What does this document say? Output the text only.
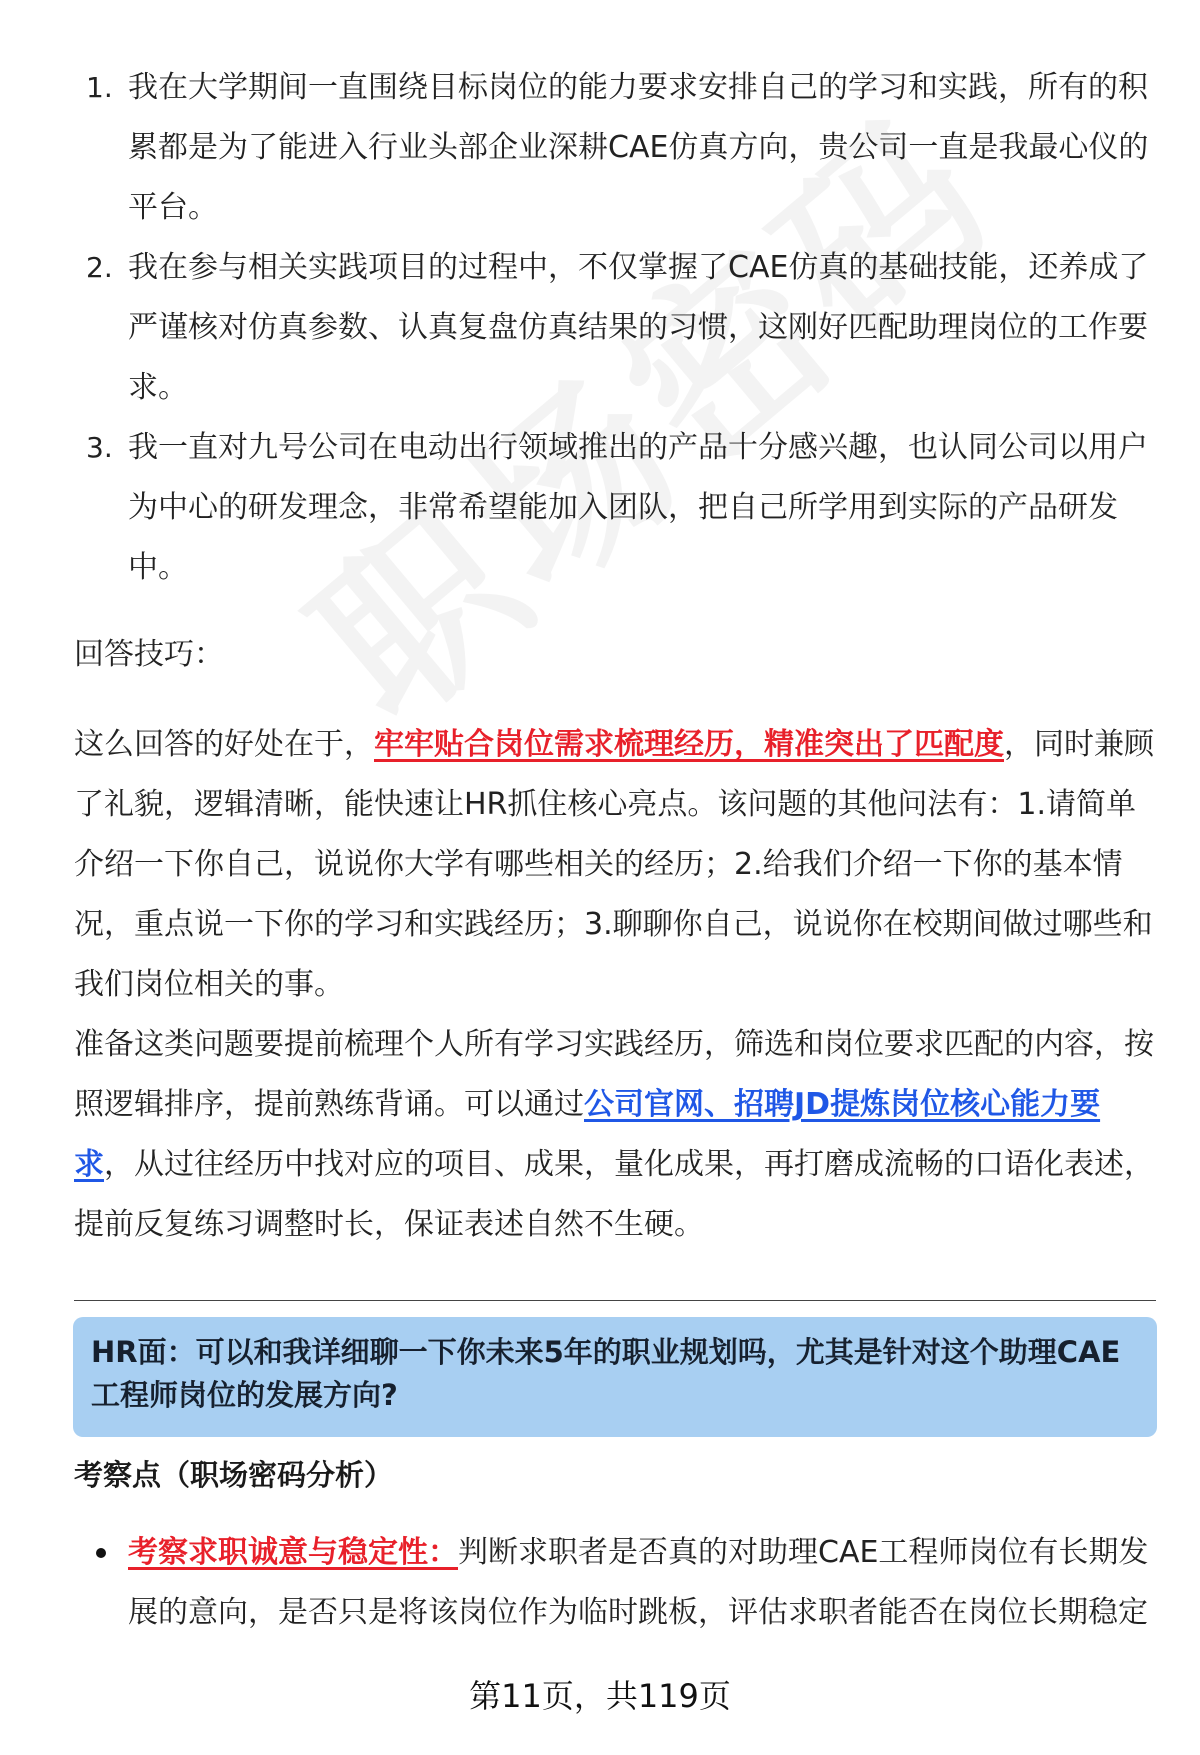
1. 我在大学期间一直围绕目标岗位的能力要求安排自己的学习和实践，所有的积累都是为了能进入行业头部企业深耕CAE仿真方向，贵公司一直是我最心仪的平台。
2. 我在参与相关实践项目的过程中，不仅掌握了CAE仿真的基础技能，还养成了严谨核对仿真参数、认真复盘仿真结果的习惯，这刚好匹配助理岗位的工作要求。
3. 我一直对九号公司在电动出行领域推出的产品十分感兴趣，也认同公司以用户为中心的研发理念，非常希望能加入团队，把自己所学用到实际的产品研发中。
回答技巧：

这么回答的好处在于，牢牢贴合岗位需求梳理经历，精准突出了匹配度，同时兼顾了礼貌，逻辑清晰，能快速让HR抓住核心亮点。该问题的其他问法有：1.请简单介绍一下你自己，说说你大学有哪些相关的经历；2.给我们介绍一下你的基本情况，重点说一下你的学习和实践经历；3.聊聊你自己，说说你在校期间做过哪些和我们岗位相关的事。

准备这类问题要提前梳理个人所有学习实践经历，筛选和岗位要求匹配的内容，按照逻辑排序，提前熟练背诵。可以通过公司官网、招聘JD提炼岗位核心能力要求，从过往经历中找对应的项目、成果，量化成果，再打磨成流畅的口语化表述，提前反复练习调整时长，保证表述自然不生硬。

HR面：可以和我详细聊一下你未来5年的职业规划吗，尤其是针对这个助理CAE工程师岗位的发展方向?
考察点（职场密码分析）
考察求职诚意与稳定性：判断求职者是否真的对助理CAE工程师岗位有长期发展的意向，是否只是将该岗位作为临时跳板，评估求职者能否在岗位长期稳定
第11页，共119页
